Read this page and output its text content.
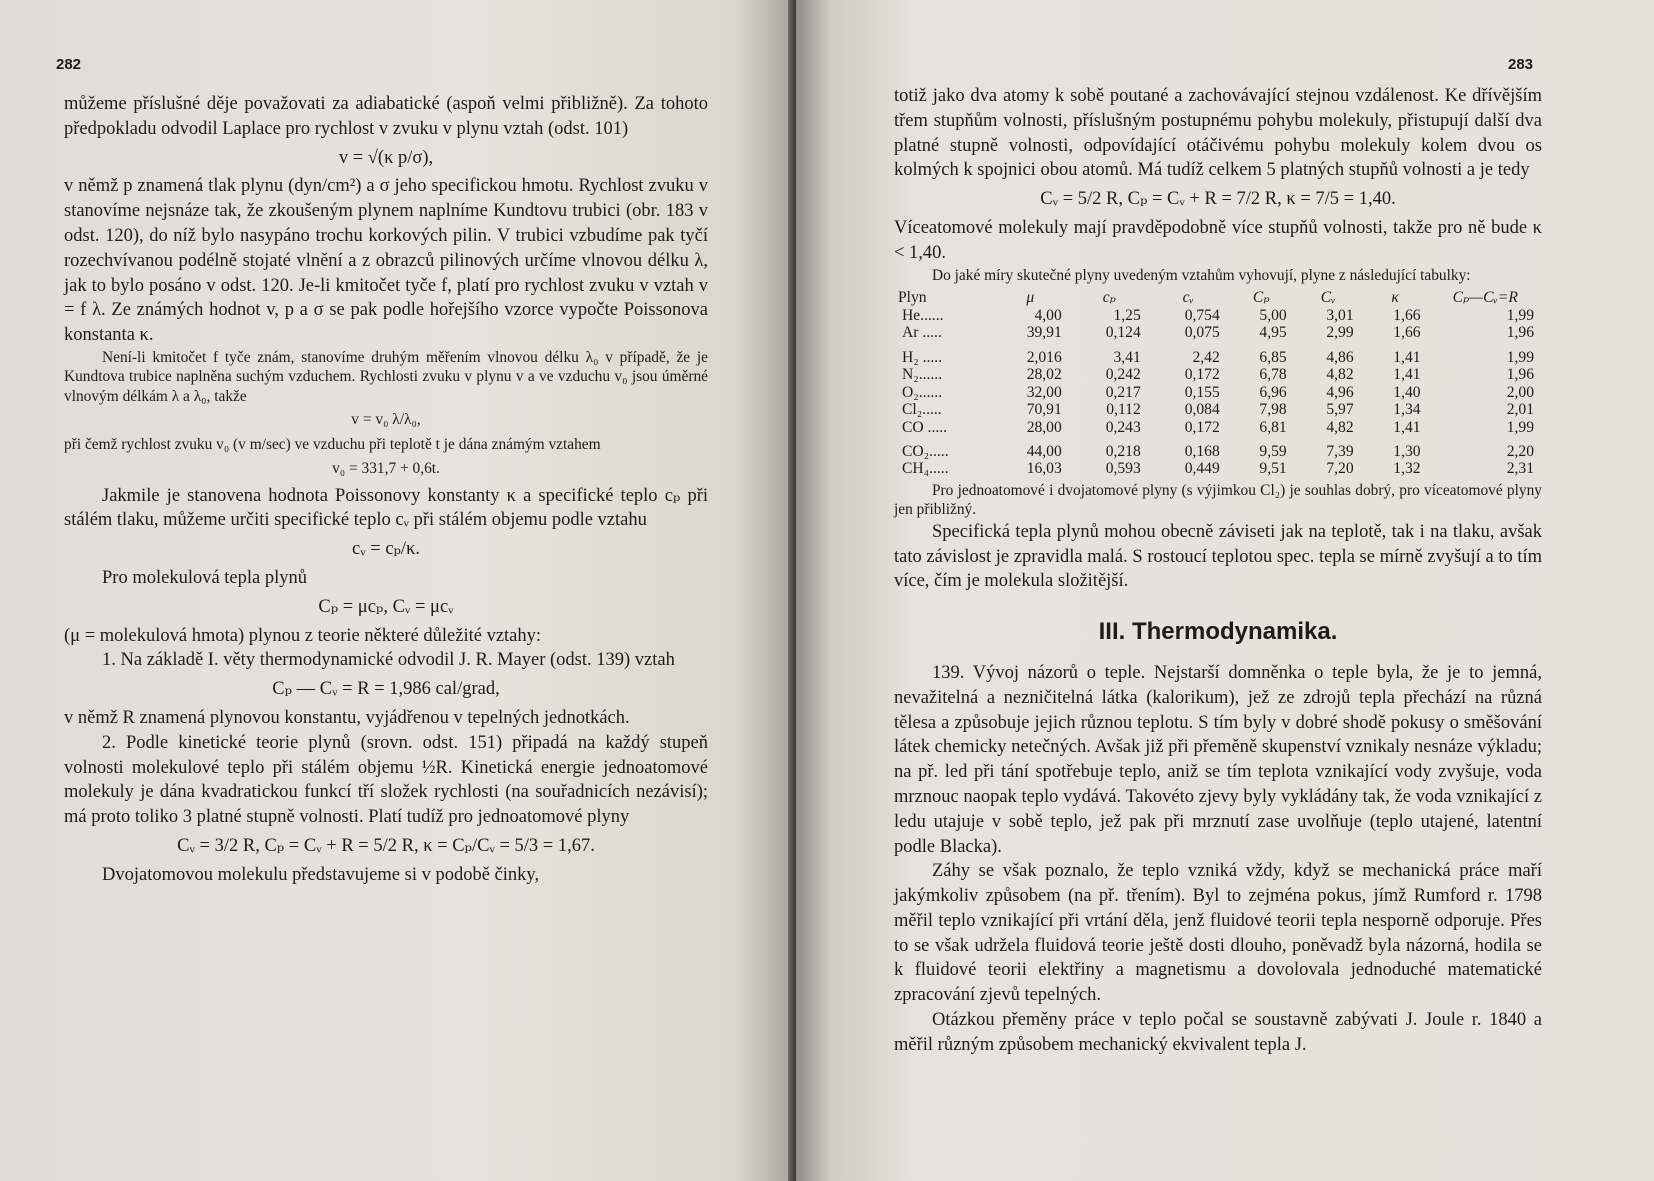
282

můžeme příslušné děje považovati za adiabatické (aspoň velmi přibližně). Za tohoto předpokladu odvodil Laplace pro rychlost v zvuku v plynu vztah (odst. 101)

v = √(κ p/σ),

v němž p znamená tlak plynu (dyn/cm²) a σ jeho specifickou hmotu. Rychlost zvuku v stanovíme nejsnáze tak, že zkoušeným plynem naplníme Kundtovu trubici (obr. 183 v odst. 120), do níž bylo nasypáno trochu korkových pilin. V trubici vzbudíme pak tyčí rozechvívanou podélně stojaté vlnění a z obrazců pilinových určíme vlnovou délku λ, jak to bylo posáno v odst. 120. Je-li kmitočet tyče f, platí pro rychlost zvuku v vztah v = f λ. Ze známých hodnot v, p a σ se pak podle hořejšího vzorce vypočte Poissonova konstanta κ.

Není-li kmitočet f tyče znám, stanovíme druhým měřením vlnovou délku λ₀ v případě, že je Kundtova trubice naplněna suchým vzduchem. Rychlosti zvuku v plynu v a ve vzduchu v₀ jsou úměrné vlnovým délkám λ a λ₀, takže

v = v₀ λ/λ₀,

při čemž rychlost zvuku v₀ (v m/sec) ve vzduchu při teplotě t je dána známým vztahem

v₀ = 331,7 + 0,6t.

Jakmile je stanovena hodnota Poissonovy konstanty κ a specifické teplo cₚ při stálém tlaku, můžeme určiti specifické teplo cᵥ při stálém objemu podle vztahu

cᵥ = cₚ/κ.

Pro molekulová tepla plynů

Cₚ = μcₚ, Cᵥ = μcᵥ

(μ = molekulová hmota) plynou z teorie některé důležité vztahy:

1. Na základě I. věty thermodynamické odvodil J. R. Mayer (odst. 139) vztah

Cₚ — Cᵥ = R = 1,986 cal/grad,

v němž R znamená plynovou konstantu, vyjádřenou v tepelných jednotkách.

2. Podle kinetické teorie plynů (srovn. odst. 151) připadá na každý stupeň volnosti molekulové teplo při stálém objemu ½R. Kinetická energie jednoatomové molekuly je dána kvadratickou funkcí tří složek rychlosti (na souřadnicích nezávisí); má proto toliko 3 platné stupně volnosti. Platí tudíž pro jednoatomové plyny

Cᵥ = 3/2 R, Cₚ = Cᵥ + R = 5/2 R, κ = Cₚ/Cᵥ = 5/3 = 1,67.

Dvojatomovou molekulu představujeme si v podobě činky,

283

totiž jako dva atomy k sobě poutané a zachovávající stejnou vzdálenost. Ke dřívějším třem stupňům volnosti, příslušným postupnému pohybu molekuly, přistupují další dva platné stupně volnosti, odpovídající otáčivému pohybu molekuly kolem dvou os kolmých k spojnici obou atomů. Má tudíž celkem 5 platných stupňů volnosti a je tedy

Cᵥ = 5/2 R, Cₚ = Cᵥ + R = 7/2 R, κ = 7/5 = 1,40.

Víceatomové molekuly mají pravděpodobně více stupňů volnosti, takže pro ně bude κ < 1,40.

Do jaké míry skutečné plyny uvedeným vztahům vyhovují, plyne z následující tabulky:

Plyn	μ	cₚ	cᵥ	Cₚ	Cᵥ	κ	Cₚ—Cᵥ=R
He......	4,00	1,25	0,754	5,00	3,01	1,66	1,99
Ar .....	39,91	0,124	0,075	4,95	2,99	1,66	1,96
H₂ .....	2,016	3,41	2,42	6,85	4,86	1,41	1,99
N₂......	28,02	0,242	0,172	6,78	4,82	1,41	1,96
O₂......	32,00	0,217	0,155	6,96	4,96	1,40	2,00
Cl₂.....	70,91	0,112	0,084	7,98	5,97	1,34	2,01
CO .....	28,00	0,243	0,172	6,81	4,82	1,41	1,99
CO₂.....	44,00	0,218	0,168	9,59	7,39	1,30	2,20
CH₄.....	16,03	0,593	0,449	9,51	7,20	1,32	2,31

Pro jednoatomové i dvojatomové plyny (s výjimkou Cl₂) je souhlas dobrý, pro víceatomové plyny jen přibližný.

Specifická tepla plynů mohou obecně záviseti jak na teplotě, tak i na tlaku, avšak tato závislost je zpravidla malá. S rostoucí teplotou spec. tepla se mírně zvyšují a to tím více, čím je molekula složitější.

III. Thermodynamika.

139. Vývoj názorů o teple. Nejstarší domněnka o teple byla, že je to jemná, nevažitelná a nezničitelná látka (kalorikum), jež ze zdrojů tepla přechází na různá tělesa a způsobuje jejich různou teplotu. S tím byly v dobré shodě pokusy o směšování látek chemicky netečných. Avšak již při přeměně skupenství vznikaly nesnáze výkladu; na př. led při tání spotřebuje teplo, aniž se tím teplota vznikající vody zvyšuje, voda mrznouc naopak teplo vydává. Takovéto zjevy byly vykládány tak, že voda vznikající z ledu utajuje v sobě teplo, jež pak při mrznutí zase uvolňuje (teplo utajené, latentní podle Blacka).

Záhy se však poznalo, že teplo vzniká vždy, když se mechanická práce maří jakýmkoliv způsobem (na př. třením). Byl to zejména pokus, jímž Rumford r. 1798 měřil teplo vznikající při vrtání děla, jenž fluidové teorii tepla nesporně odporuje. Přes to se však udržela fluidová teorie ještě dosti dlouho, poněvadž byla názorná, hodila se k fluidové teorii elektřiny a magnetismu a dovolovala jednoduché matematické zpracování zjevů tepelných.

Otázkou přeměny práce v teplo počal se soustavně zabývati J. Joule r. 1840 a měřil různým způsobem mechanický ekvivalent tepla J.
